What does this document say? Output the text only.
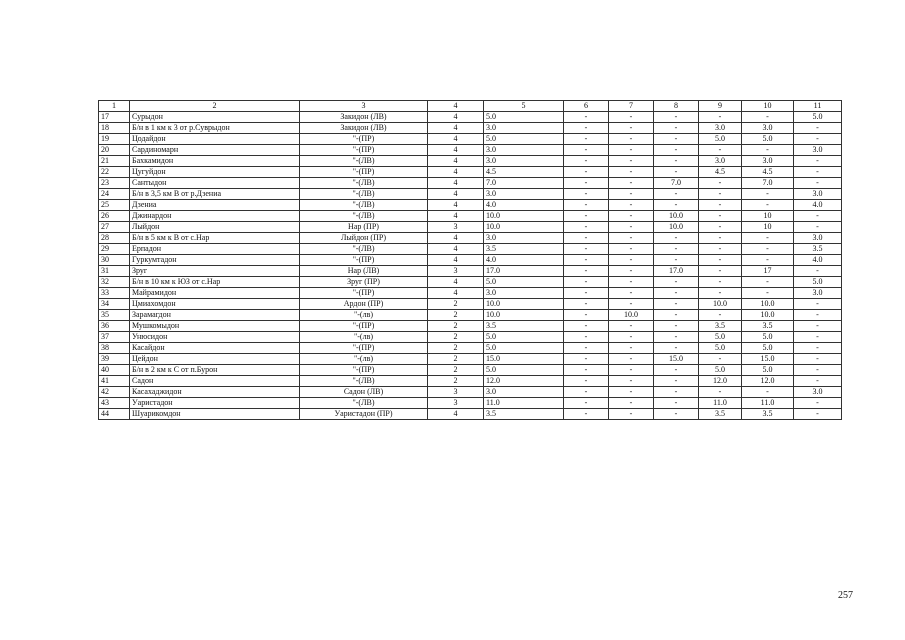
1	2	3	4	5	6	7	8	9	10	11
17	Сурыдон	Закидон (ЛВ)	4	5.0	-	-	-	-	-	5.0
18	Б/н в 1 км к 3 от р.Суврыдон	Закидон (ЛВ)	4	3.0	-	-	-	3.0	3.0	-
19	Цодайдон	"-(ПР)	4	5.0	-	-	-	5.0	5.0	-
20	Сардиномарн	"-(ПР)	4	3.0	-	-	-	-	-	3.0
21	Бахкамидон	"-(ЛВ)	4	3.0	-	-	-	3.0	3.0	-
22	Цугуйдон	"-(ПР)	4	4.5	-	-	-	4.5	4.5	-
23	Сантыдон	"-(ЛВ)	4	7.0	-	-	7.0	-	7.0	-
24	Б/н в 3,5 км В от р.Дзениа	"-(ЛВ)	4	3.0	-	-	-	-	-	3.0
25	Дзениа	"-(ЛВ)	4	4.0	-	-	-	-	-	4.0
26	Джинардон	"-(ЛВ)	4	10.0	-	-	10.0	-	10	-
27	Лыйдон	Нар (ПР)	3	10.0	-	-	10.0	-	10	-
28	Б/н в 5 км к В от с.Нар	Лыйдон (ПР)	4	3.0	-	-	-	-	-	3.0
29	Ерпадон	"-(ЛВ)	4	3.5	-	-	-	-	-	3.5
30	Гуркумтадон	"-(ПР)	4	4.0	-	-	-	-	-	4.0
31	Зруг	Нар (ЛВ)	3	17.0	-	-	17.0	-	17	-
32	Б/н в 10 км к ЮЗ от с.Нар	Зруг (ПР)	4	5.0	-	-	-	-	-	5.0
33	Майрамидон	"-(ПР)	4	3.0	-	-	-	-	-	3.0
34	Цмиахомдон	Ардон (ПР)	2	10.0	-	-	-	10.0	10.0	-
35	Зарамагдон	"-(лв)	2	10.0	-	10.0	-	-	10.0	-
36	Мушкомыдон	"-(ПР)	2	3.5	-	-	-	3.5	3.5	-
37	Унюсидон	"-(лв)	2	5.0	-	-	-	5.0	5.0	-
38	Касайдон	"-(ПР)	2	5.0	-	-	-	5.0	5.0	-
39	Цейдон	"-(лв)	2	15.0	-	-	15.0	-	15.0	-
40	Б/н в 2 км к С от п.Бурон	"-(ПР)	2	5.0	-	-	-	5.0	5.0	-
41	Садон	"-(ЛВ)	2	12.0	-	-	-	12.0	12.0	-
42	Касахаджидон	Садон (ЛВ)	3	3.0	-	-	-	-	-	3.0
43	Уаристадон	"-(ЛВ)	3	11.0	-	-	-	11.0	11.0	-
44	Шуарикомдон	Уаристадон (ПР)	4	3.5	-	-	-	3.5	3.5	-
257
